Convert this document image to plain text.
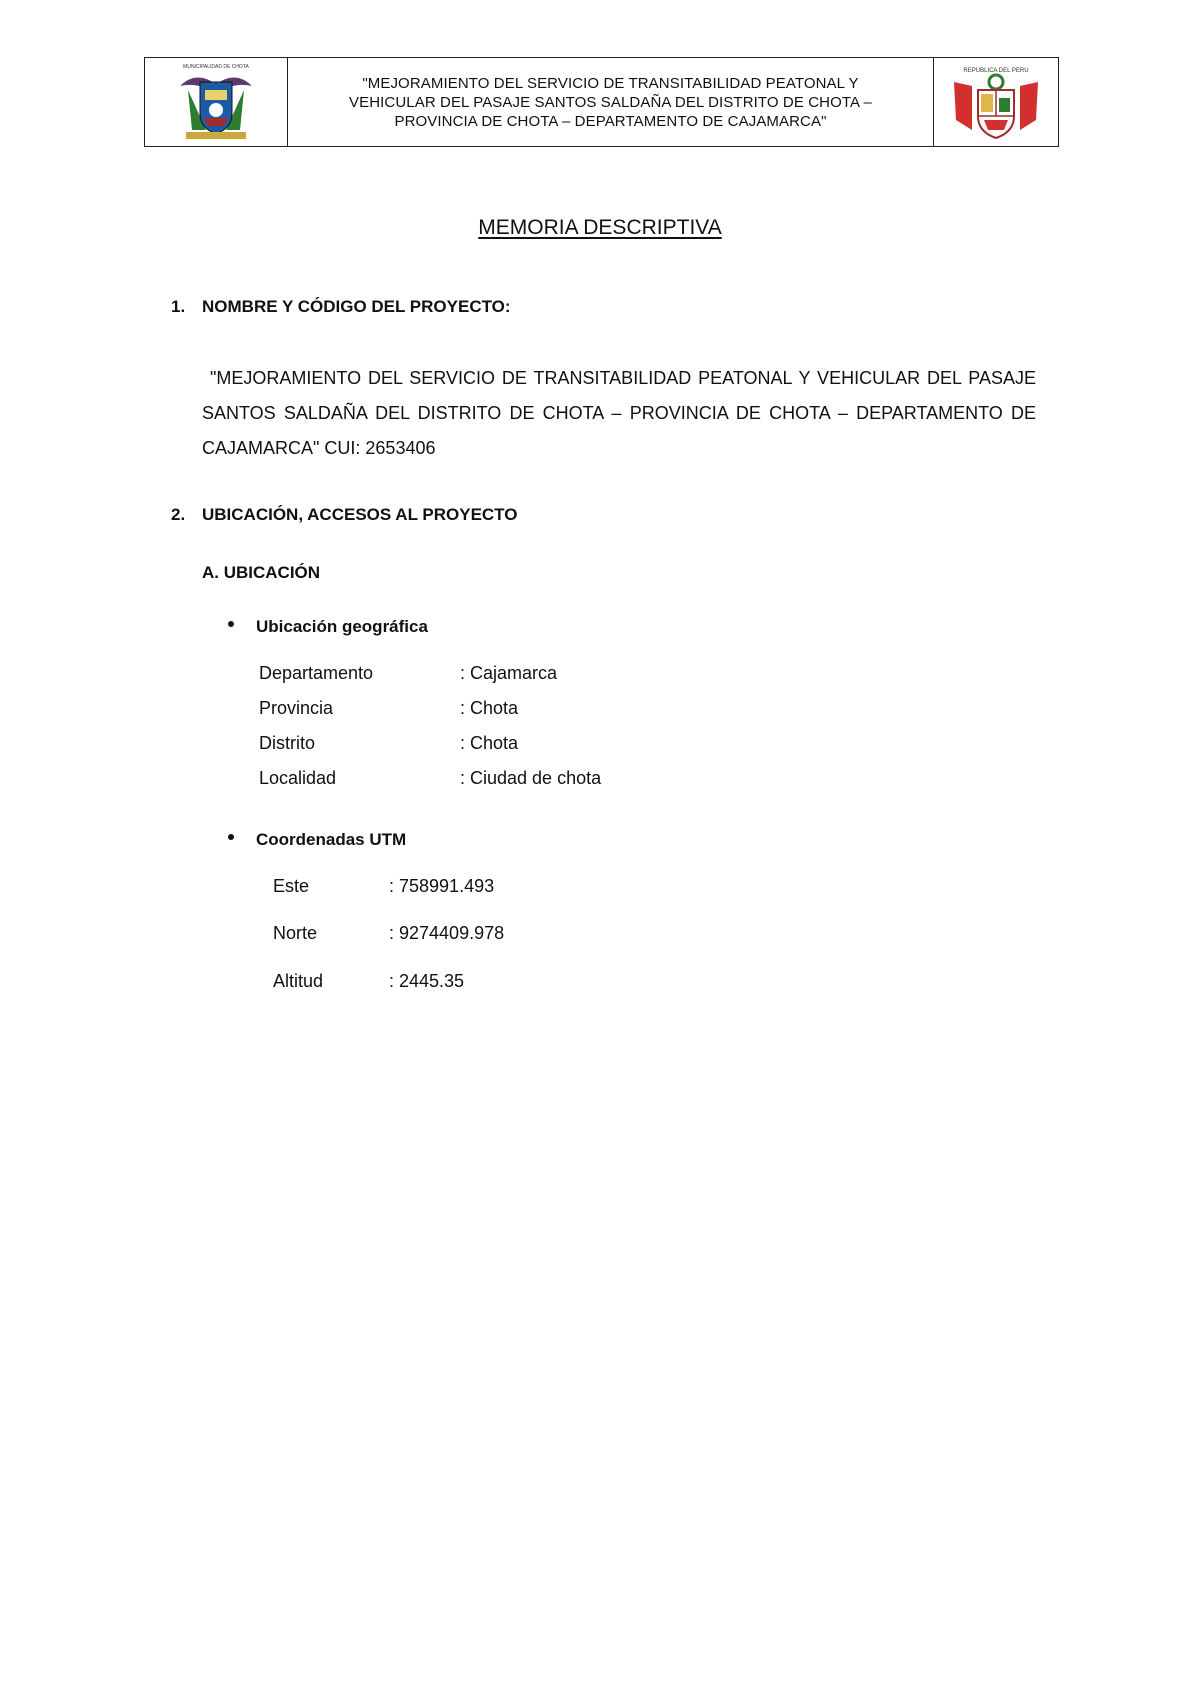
MUNICIPALIDAD DE CHOTA
"MEJORAMIENTO DEL SERVICIO DE TRANSITABILIDAD PEATONAL Y
VEHICULAR DEL PASAJE SANTOS SALDAÑA DEL DISTRITO DE CHOTA –
PROVINCIA DE CHOTA – DEPARTAMENTO DE CAJAMARCA"
REPUBLICA DEL PERU
MEMORIA DESCRIPTIVA
1. NOMBRE Y CÓDIGO DEL PROYECTO:
"MEJORAMIENTO DEL SERVICIO DE TRANSITABILIDAD PEATONAL Y VEHICULAR DEL PASAJE SANTOS SALDAÑA DEL DISTRITO DE CHOTA – PROVINCIA DE CHOTA – DEPARTAMENTO DE CAJAMARCA" CUI: 2653406
2. UBICACIÓN, ACCESOS AL PROYECTO
A. UBICACIÓN
Ubicación geográfica
Departamento	: Cajamarca
Provincia	: Chota
Distrito	: Chota
Localidad	: Ciudad de chota
Coordenadas UTM
Este	: 758991.493
Norte	: 9274409.978
Altitud	: 2445.35
